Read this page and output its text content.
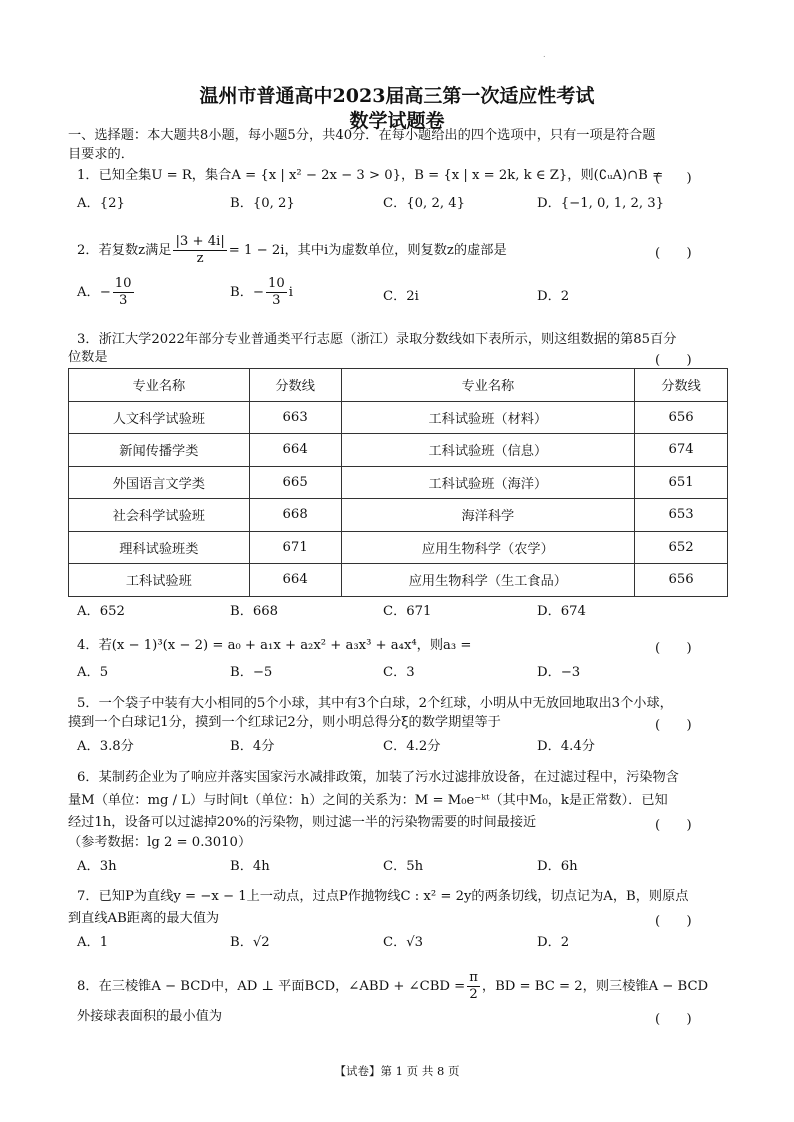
.
温州市普通高中2023届高三第一次适应性考试
数学试题卷
一、选择题：本大题共8小题，每小题5分，共40分．在每小题给出的四个选项中，只有一项是符合题
目要求的．
1．已知全集U = R，集合A = {x | x² − 2x − 3 > 0}，B = {x | x = 2k, k ∈ Z}，则(∁ᵤA)∩B =
(　　)
A．{2}	B．{0, 2}	C．{0, 2, 4}	D．{−1, 0, 1, 2, 3}
2．若复数z满足 $\frac{|3 + 4i|}{z} = 1 - 2i$，其中i为虚数单位，则复数z的虚部是	(　　)
A．− $\frac{10}{3}$	B．− $\frac{10}{3}$ i	C．2i	D．2
3．浙江大学2022年部分专业普通类平行志愿（浙江）录取分数线如下表所示，则这组数据的第85百分
位数是	(　　)
专业名称	分数线	专业名称	分数线
人文科学试验班	663	工科试验班（材料）	656
新闻传播学类	664	工科试验班（信息）	674
外国语言文学类	665	工科试验班（海洋）	651
社会科学试验班	668	海洋科学	653
理科试验班类	671	应用生物科学（农学）	652
工科试验班	664	应用生物科学（生工食品）	656
A．652	B．668	C．671	D．674
4．若(x − 1)³(x − 2) = a₀ + a₁x + a₂x² + a₃x³ + a₄x⁴，则a₃ =	(　　)
A．5	B．−5	C．3	D．−3
5．一个袋子中装有大小相同的5个小球，其中有3个白球，2个红球，小明从中无放回地取出3个小球，
摸到一个白球记1分，摸到一个红球记2分，则小明总得分ξ的数学期望等于	(　　)
A．3.8分	B．4分	C．4.2分	D．4.4分
6．某制药企业为了响应并落实国家污水减排政策，加装了污水过滤排放设备，在过滤过程中，污染物含
量M（单位：mg / L）与时间t（单位：h）之间的关系为：M = M₀e⁻ᵏᵗ（其中M₀，k是正常数）．已知
经过1h，设备可以过滤掉20%的污染物，则过滤一半的污染物需要的时间最接近	(　　)
（参考数据：lg 2 = 0.3010）
A．3h	B．4h	C．5h	D．6h
7．已知P为直线y = −x − 1上一动点，过点P作抛物线C : x² = 2y的两条切线，切点记为A，B，则原点
到直线AB距离的最大值为	(　　)
A．1	B．√2	C．√3	D．2
8．在三棱锥A − BCD中，AD ⊥ 平面BCD，∠ABD + ∠CBD = $\frac{\pi}{2}$ ，BD = BC = 2，则三棱锥A − BCD
外接球表面积的最小值为	(　　)
【试卷】第 1 页 共 8 页
